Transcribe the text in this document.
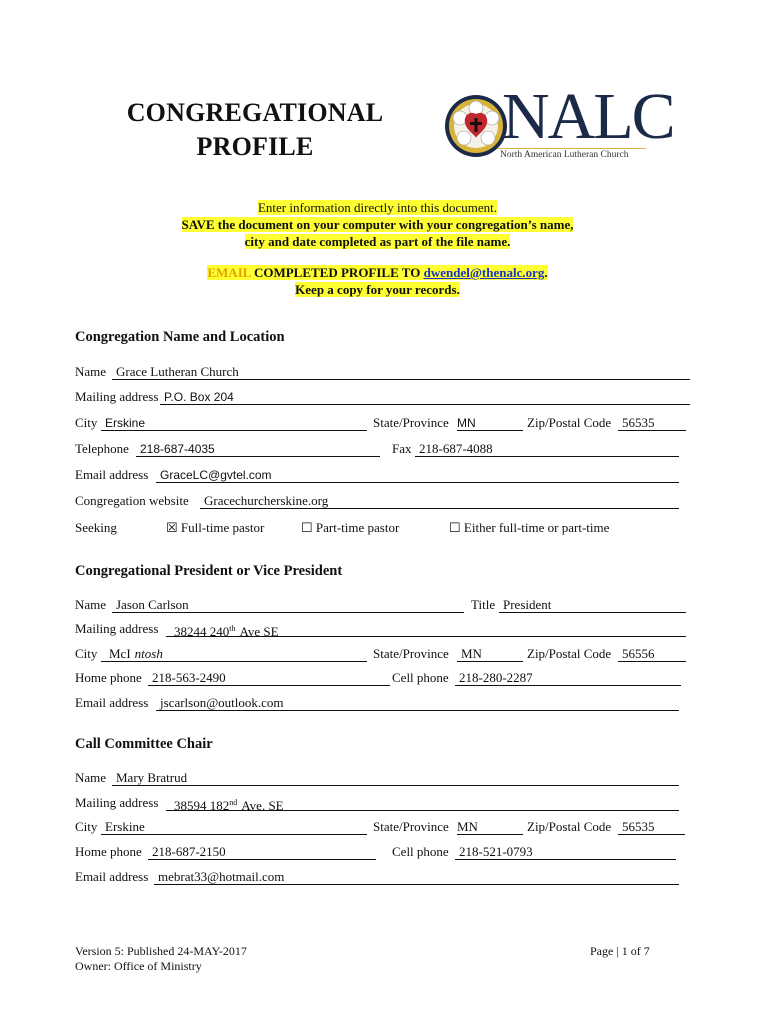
CONGREGATIONAL
PROFILE	NALC
North American Lutheran Church
Enter information directly into this document.
SAVE the document on your computer with your congregation’s name,
city and date completed as part of the file name.
EMAIL COMPLETED PROFILE TO dwendel@thenalc.org.
Keep a copy for your records.
Congregation Name and Location
Name Grace Lutheran Church
Mailing address P.O. Box 204
City Erskine	State/Province MN	Zip/Postal Code 56535
Telephone 218-687-4035	Fax 218-687-4088
Email address GraceLC@gvtel.com
Congregation website	Gracechurcherskine.org
Seeking	☒ Full-time pastor	☐ Part-time pastor	☐ Either full-time or part-time
Congregational President or Vice President
Name Jason Carlson	Title President
Mailing address	38244 240thAve SE
City McI ntosh	State/Province MN	Zip/Postal Code 56556
Home phone 218-563-2490	Cell phone 218-280-2287
Email address jscarlson@outlook.com
Call Committee Chair
Name Mary Bratrud
Mailing address	38594 182ndAve. SE
City Erskine	State/Province MN	Zip/Postal Code 56535
Home phone 218-687-2150	Cell phone 218-521-0793
Email address mebrat33@hotmail.com
Version 5: Published 24-MAY-2017
Owner: Office of Ministry
Page | 1 of 7
